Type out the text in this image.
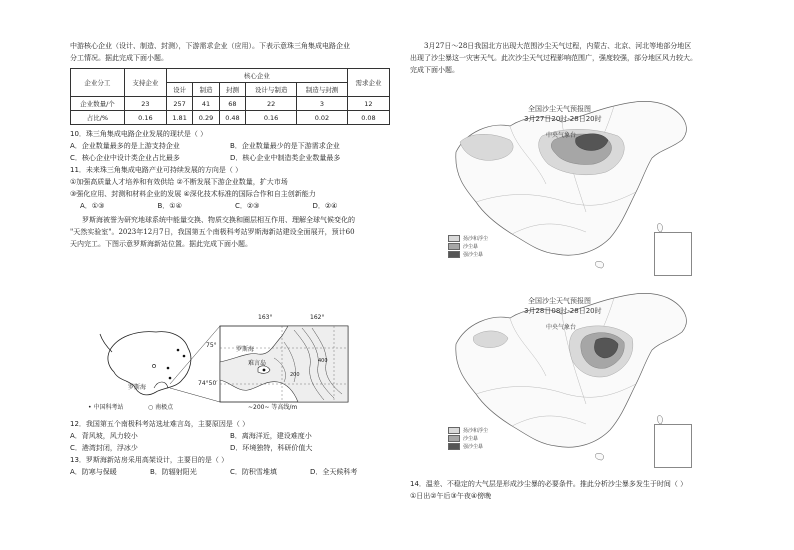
中游核心企业（设计、制造、封测），下游需求企业（应用）。下表示意珠三角集成电路企业

分工情况。据此完成下面小题。

企业分工	支持企业	核心企业					需求企业
		设计	制造	封测	设计与制造	制造与封测	
企业数量/个	23	257	41	68	22	3	12
占比/%	0.16	1.81	0.29	0.48	0.16	0.02	0.08

10．珠三角集成电路企业发展的现状是（ ）

A．企业数量最多的是上游支持企业	B．企业数量最少的是下游需求企业
C．核心企业中设计类企业占比最多	D．核心企业中制造类企业数量最多

11．未来珠三角集成电路产业可持续发展的方向是（ ）

①加强高质量人才培养和有效供给 ②不断发展下游企业数量，扩大市场

③强化应用、封测和材料企业的发展 ④深化技术标准的国际合作和自主创新能力

A．①③	B．①④	C．②③	D．②④

罗斯海被誉为研究地球系统中能量交换、物质交换和圈层相互作用、理解全球气候变化的

"天然实验室"。2023年12月7日，我国第五个南极科考站罗斯海新站建设全面展开，预计60

天内完工。下图示意罗斯海新站位置。据此完成下面小题。

163°	162°
75°
74°50′
罗斯海
难言岛
罗斯海
200
400
• 中国科考站	○ 南极点	~200~ 等高线/m

12．我国第五个南极科考站选址难言岛，主要原因是（ ）

A．背风坡，风力较小	B．离海洋近，建设难度小
C．港湾封闭，浮冰少	D．环境独特，科研价值大

13．罗斯海新站房采用高架设计，主要目的是（ ）

A．防寒与保暖	B．防辐射阳光	C．防积雪堆填	D．全天候科考

3月27日～28日我国北方出现大范围沙尘天气过程，内蒙古、北京、河北等地部分地区

出现了沙尘暴这一灾害天气。此次沙尘天气过程影响范围广，强度较强，部分地区风力较大。

完成下面小题。

全国沙尘天气预报图
3月27日20时-28日20时
中央气象台
扬沙和浮尘
沙尘暴
强沙尘暴
全国沙尘天气预报图
3月28日08时-28日20时
中央气象台
扬沙和浮尘
沙尘暴
强沙尘暴

14．温差、不稳定的大气层是形成沙尘暴的必要条件。推此分析沙尘暴多发生于时间（ ）

①日出②午后③午夜④傍晚
